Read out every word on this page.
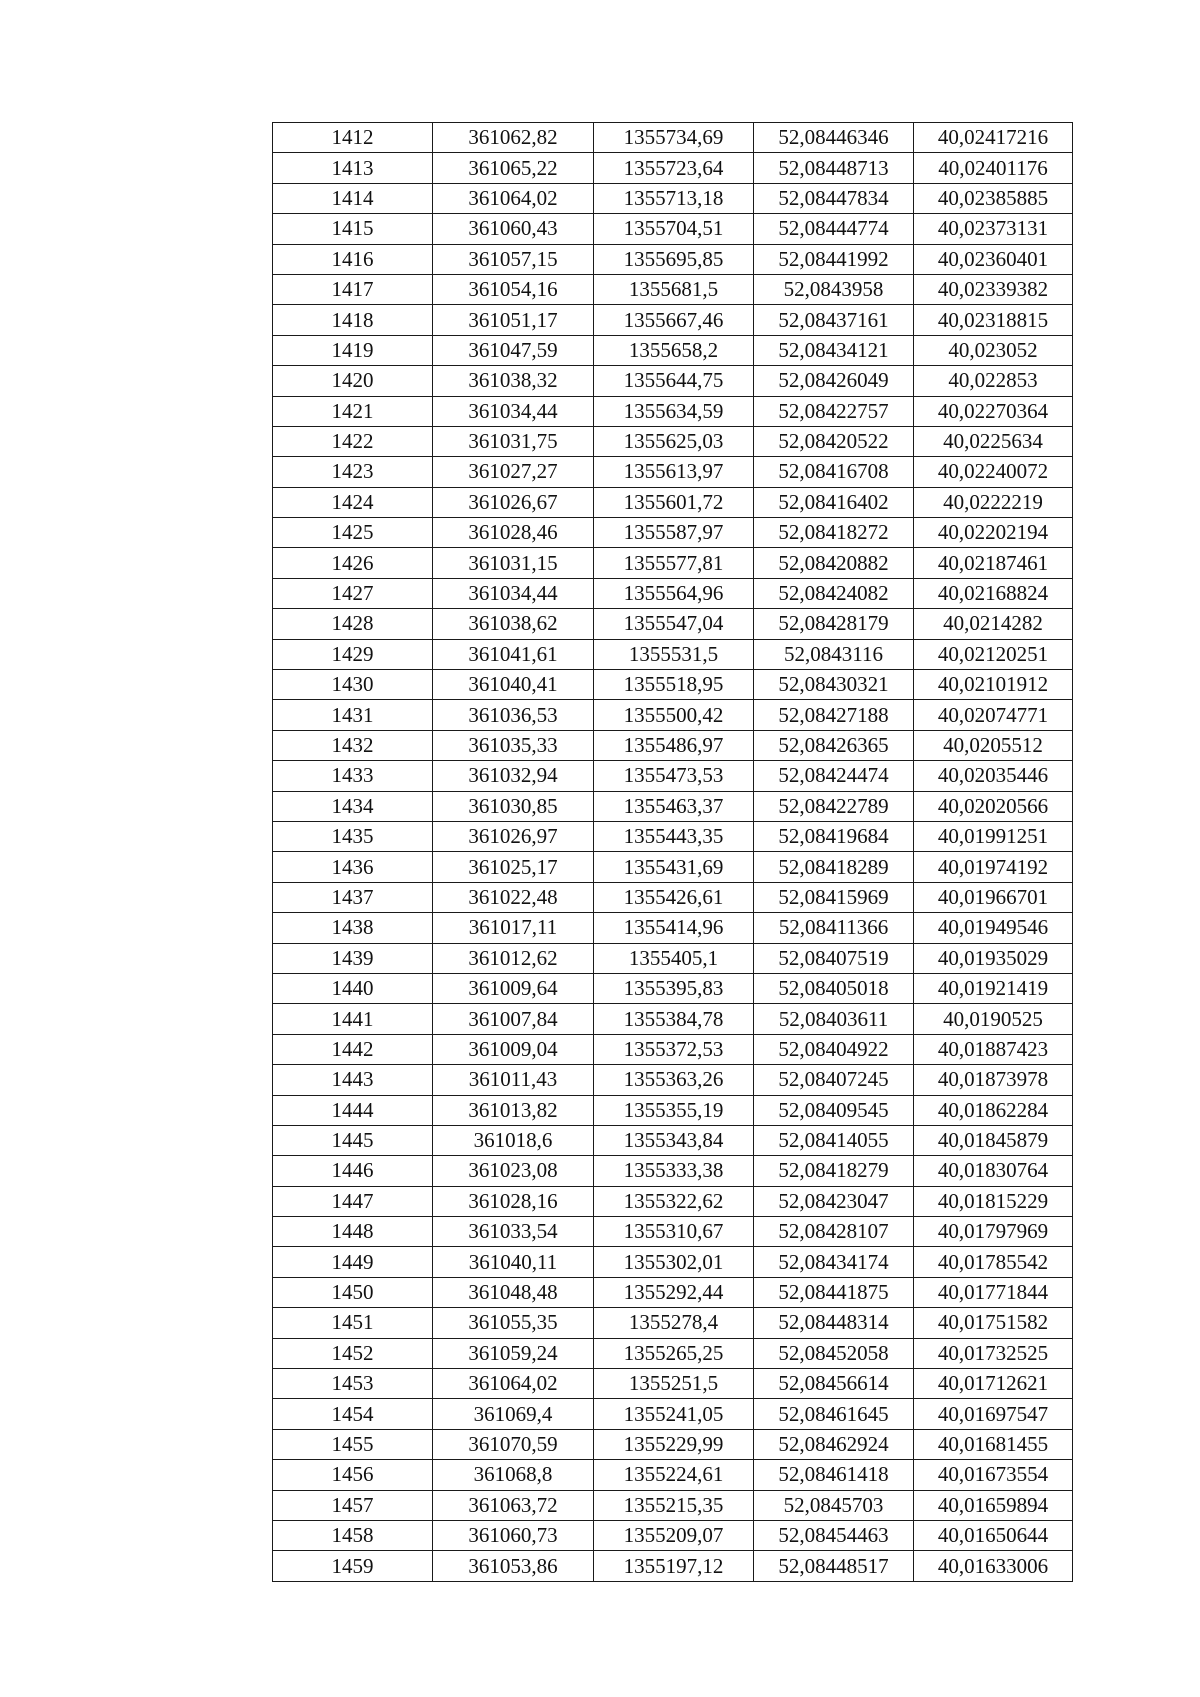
1412	361062,82	1355734,69	52,08446346	40,02417216
1413	361065,22	1355723,64	52,08448713	40,02401176
1414	361064,02	1355713,18	52,08447834	40,02385885
1415	361060,43	1355704,51	52,08444774	40,02373131
1416	361057,15	1355695,85	52,08441992	40,02360401
1417	361054,16	1355681,5	52,0843958	40,02339382
1418	361051,17	1355667,46	52,08437161	40,02318815
1419	361047,59	1355658,2	52,08434121	40,023052
1420	361038,32	1355644,75	52,08426049	40,022853
1421	361034,44	1355634,59	52,08422757	40,02270364
1422	361031,75	1355625,03	52,08420522	40,0225634
1423	361027,27	1355613,97	52,08416708	40,02240072
1424	361026,67	1355601,72	52,08416402	40,0222219
1425	361028,46	1355587,97	52,08418272	40,02202194
1426	361031,15	1355577,81	52,08420882	40,02187461
1427	361034,44	1355564,96	52,08424082	40,02168824
1428	361038,62	1355547,04	52,08428179	40,0214282
1429	361041,61	1355531,5	52,0843116	40,02120251
1430	361040,41	1355518,95	52,08430321	40,02101912
1431	361036,53	1355500,42	52,08427188	40,02074771
1432	361035,33	1355486,97	52,08426365	40,0205512
1433	361032,94	1355473,53	52,08424474	40,02035446
1434	361030,85	1355463,37	52,08422789	40,02020566
1435	361026,97	1355443,35	52,08419684	40,01991251
1436	361025,17	1355431,69	52,08418289	40,01974192
1437	361022,48	1355426,61	52,08415969	40,01966701
1438	361017,11	1355414,96	52,08411366	40,01949546
1439	361012,62	1355405,1	52,08407519	40,01935029
1440	361009,64	1355395,83	52,08405018	40,01921419
1441	361007,84	1355384,78	52,08403611	40,0190525
1442	361009,04	1355372,53	52,08404922	40,01887423
1443	361011,43	1355363,26	52,08407245	40,01873978
1444	361013,82	1355355,19	52,08409545	40,01862284
1445	361018,6	1355343,84	52,08414055	40,01845879
1446	361023,08	1355333,38	52,08418279	40,01830764
1447	361028,16	1355322,62	52,08423047	40,01815229
1448	361033,54	1355310,67	52,08428107	40,01797969
1449	361040,11	1355302,01	52,08434174	40,01785542
1450	361048,48	1355292,44	52,08441875	40,01771844
1451	361055,35	1355278,4	52,08448314	40,01751582
1452	361059,24	1355265,25	52,08452058	40,01732525
1453	361064,02	1355251,5	52,08456614	40,01712621
1454	361069,4	1355241,05	52,08461645	40,01697547
1455	361070,59	1355229,99	52,08462924	40,01681455
1456	361068,8	1355224,61	52,08461418	40,01673554
1457	361063,72	1355215,35	52,0845703	40,01659894
1458	361060,73	1355209,07	52,08454463	40,01650644
1459	361053,86	1355197,12	52,08448517	40,01633006
